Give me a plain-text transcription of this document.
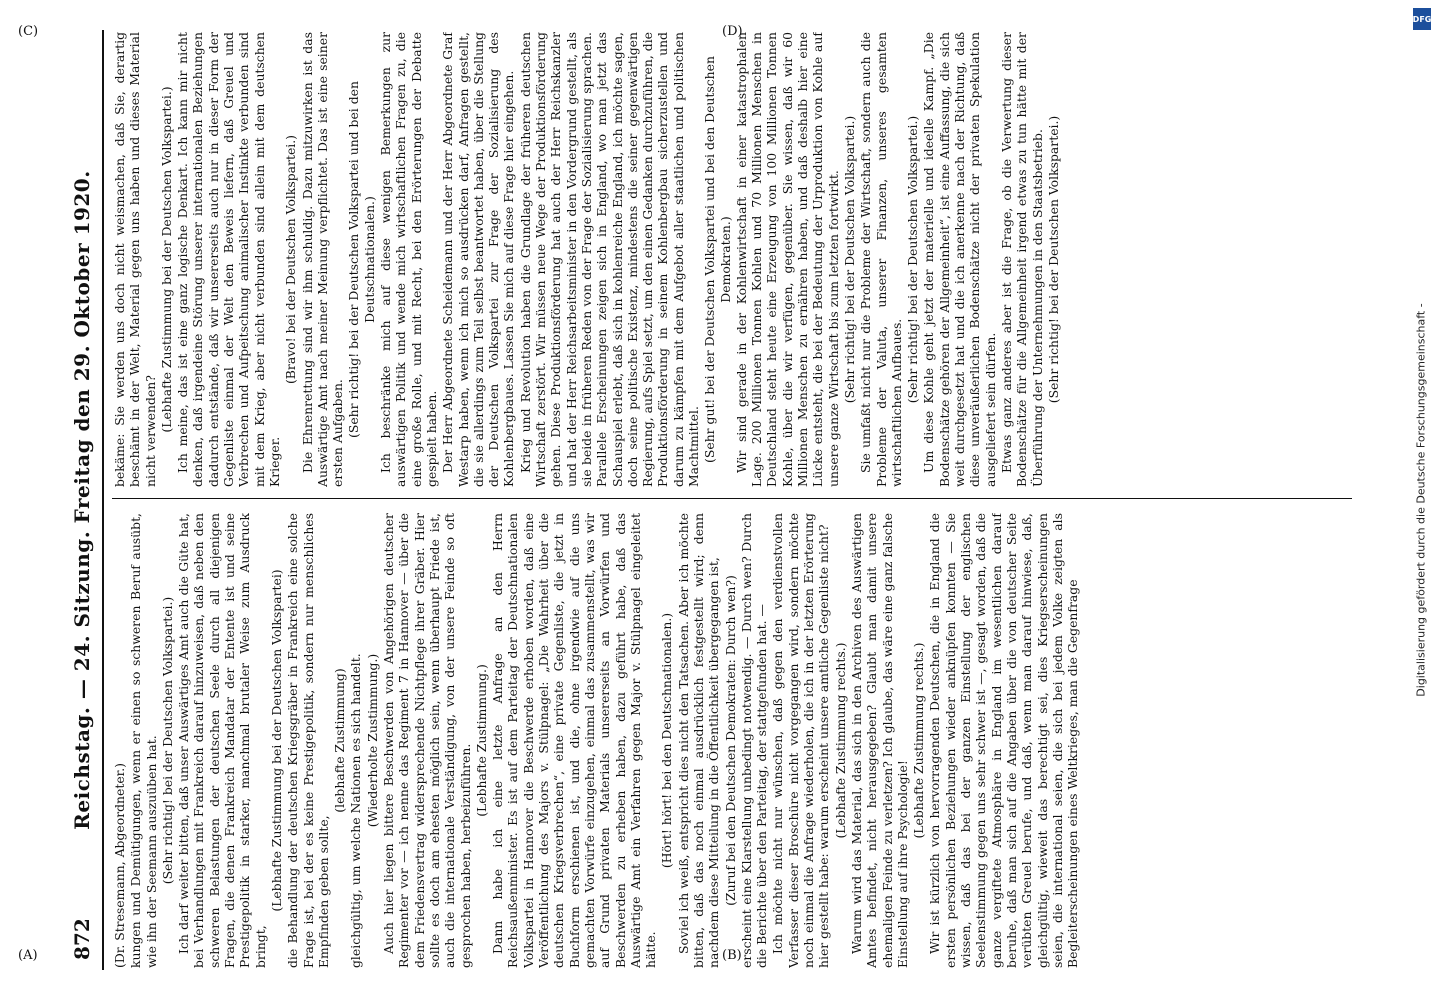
872
Reichstag. — 24. Sitzung. Freitag den 29. Oktober 1920.

(Dr. Stresemann, Abgeordneter.) kungen und Demütigungen, wenn er einen so schweren Beruf ausübt, wie ihn der Seemann auszuüben hat. (Sehr richtig! bei der Deutschen Volkspartei.) Ich darf weiter bitten, daß unser Auswärtiges Amt auch die Güte hat, bei Verhandlungen mit Frankreich darauf hinzuweisen, daß neben den schweren Belastungen der deutschen Seele durch all diejenigen Fragen, die denen Frankreich Mandatar der Entente ist und seine Prestigepolitik in starker, manchmal brutaler Weise zum Ausdruck bringt,

(Lebhafte Zustimmung bei der Deutschen Volkspartei) die Behandlung der deutschen Kriegsgräber in Frankreich eine solche Frage ist, bei der es keine Prestigepolitik, sondern nur menschliches Empfinden geben sollte,

(lebhafte Zustimmung) gleichgültig, um welche Nationen es sich handelt. (Wiederholte Zustimmung.) Auch hier liegen bittere Beschwerden von Angehörigen deutscher Regimenter vor — ich nenne das Regiment 7 in Hannover — über die dem Friedensvertrag widersprechende Nichtpflege ihrer Gräber. Hier sollte es doch am ehesten möglich sein, wenn überhaupt Friede ist, auch die internationale Verständigung, von der unsere Feinde so oft gesprochen haben, herbeizuführen.

(Lebhafte Zustimmung.) Dann habe ich eine letzte Anfrage an den Herrn Reichsaußenminister. Es ist auf dem Parteitag der Deutschnationalen Volkspartei in Hannover die Beschwerde erhoben worden, daß eine Veröffentlichung des Majors v. Stülpnagel: „Die Wahrheit über die deutschen Kriegsverbrechen“, eine private Gegenliste, die jetzt in Buchform erschienen ist, und die, ohne irgendwie auf die uns gemachten Vorwürfe einzugehen, einmal das zusammenstellt, was wir auf Grund privaten Materials unsererseits an Vorwürfen und Beschwerden zu erheben haben, dazu geführt habe, daß das Auswärtige Amt ein Verfahren gegen Major v. Stülpnagel eingeleitet hätte.

(Hört! hört! bei den Deutschnationalen.) Soviel ich weiß, entspricht dies nicht den Tatsachen. Aber ich möchte bitten, daß das noch einmal ausdrücklich festgestellt wird; denn nachdem diese Mitteilung in die Öffentlichkeit übergegangen ist, (Zuruf bei den Deutschen Demokraten: Durch wen?) erscheint eine Klarstellung unbedingt notwendig. — Durch wen? Durch die Berichte über den Parteitag, der stattgefunden hat. — Ich möchte nicht nur wünschen, daß gegen den verdienstvollen Verfasser dieser Broschüre nicht vorgegangen wird, sondern möchte noch einmal die Anfrage wiederholen, die ich in der letzten Erörterung hier gestellt habe: warum erscheint unsere amtliche Gegenliste nicht? (Lebhafte Zustimmung rechts.) Warum wird das Material, das sich in den Archiven des Auswärtigen Amtes befindet, nicht herausgegeben? Glaubt man damit unsere ehemaligen Feinde zu verletzen? Ich glaube, das wäre eine ganz falsche Einstellung auf ihre Psychologie!

(Lebhafte Zustimmung rechts.) Wir ist kürzlich von hervorragenden Deutschen, die in England die ersten persönlichen Beziehungen wieder anknüpfen konnten — Sie wissen, daß das bei der ganzen Einstellung der englischen Seelenstimmung gegen uns sehr schwer ist —, gesagt worden, daß die ganze vergiftete Atmosphäre in England im wesentlichen darauf beruhe, daß man sich auf die Angaben über die von deutscher Seite verübten Greuel berufe, und daß, wenn man darauf hinwiese, daß, gleichgültig, wieweit das berechtigt sei, dies Kriegserscheinungen seien, die international seien, die sich bei jedem Volke zeigten als Begleiterscheinungen eines Weltkrieges, man die Gegenfrage

bekäme: Sie werden uns doch nicht weismachen, daß Sie, derartig beschämt in der Welt, Material gegen uns haben und dieses Material nicht verwenden? (Lebhafte Zustimmung bei der Deutschen Volkspartei.) Ich meine, das ist eine ganz logische Denkart. Ich kann mir nicht denken, daß irgendeine Störung unserer internationalen Beziehungen dadurch entstände, daß wir unsererseits auch nur in dieser Form der Gegenliste einmal der Welt den Beweis liefern, daß Greuel und Verbrechen und Aufpeitschung animalischer Instinkte verbunden sind mit dem Krieg, aber nicht verbunden sind allein mit dem deutschen Krieger.

(Bravo! bei der Deutschen Volkspartei.) Die Ehrenrettung sind wir ihm schuldig. Dazu mitzuwirken ist das Auswärtige Amt nach meiner Meinung verpflichtet. Das ist eine seiner ersten Aufgaben. (Sehr richtig! bei der Deutschen Volkspartei und bei den Deutschnationalen.) Ich beschränke mich auf diese wenigen Bemerkungen zur auswärtigen Politik und wende mich wirtschaftlichen Fragen zu, die eine große Rolle, und mit Recht, bei den Erörterungen der Debatte gespielt haben. Der Herr Abgeordnete Scheidemann und der Herr Abgeordnete Graf Westarp haben, wenn ich mich so ausdrücken darf, Anfragen gestellt, die sie allerdings zum Teil selbst beantwortet haben, über die Stellung der Deutschen Volkspartei zur Frage der Sozialisierung des Kohlenbergbaues. Lassen Sie mich auf diese Frage hier eingehen. Krieg und Revolution haben die Grundlage der früheren deutschen Wirtschaft zerstört. Wir müssen neue Wege der Produktionsförderung gehen. Diese Produktionsförderung hat auch der Herr Reichskanzler und hat der Herr Reichsarbeitsminister in den Vordergrund gestellt, als sie beide in früheren Reden von der Frage der Sozialisierung sprachen. Parallele Erscheinungen zeigen sich in England, wo man jetzt das Schauspiel erlebt, daß sich in kohlenreiche England, ich möchte sagen, doch seine politische Existenz, mindestens die seiner gegenwärtigen Regierung, aufs Spiel setzt, um den einen Gedanken durchzuführen, die Produktionsförderung in seinem Kohlenbergbau sicherzustellen und darum zu kämpfen mit dem Aufgebot aller staatlichen und politischen Machtmittel. (Sehr gut! bei der Deutschen Volkspartei und bei den Deutschen Demokraten.) Wir sind gerade in der Kohlenwirtschaft in einer katastrophalen Lage. 200 Millionen Tonnen Kohlen und 70 Millionen Menschen in Deutschland steht heute eine Erzeugung von 100 Millionen Tonnen Kohle, über die wir verfügen, gegenüber. Sie wissen, daß wir 60 Millionen Menschen zu ernähren haben, und daß deshalb hier eine Lücke entsteht, die bei der Bedeutung der Urproduktion von Kohle auf unsere ganze Wirtschaft bis zum letzten fortwirkt. (Sehr richtig! bei der Deutschen Volkspartei.) Sie umfaßt nicht nur die Probleme der Wirtschaft, sondern auch die Probleme der Valuta, unserer Finanzen, unseres gesamten wirtschaftlichen Aufbaues. (Sehr richtig! bei der Deutschen Volkspartei.) Um diese Kohle geht jetzt der materielle und ideelle Kampf. „Die Bodenschätze gehören der Allgemeinheit“, ist eine Auffassung, die sich weit durchgesetzt hat und die ich anerkenne nach der Richtung, daß diese unveräußerlichen Bodenschätze nicht der privaten Spekulation ausgeliefert sein dürfen. Etwas ganz anderes aber ist die Frage, ob die Verwertung dieser Bodenschätze für die Allgemeinheit irgend etwas zu tun hätte mit der Überführung der Unternehmungen in den Staatsbetrieb. (Sehr richtig! bei der Deutschen Volkspartei.)

(A)	(B)
(C)	(D)
Digitalisierung gefördert durch die Deutsche Forschungsgemeinschaft -
DFG
